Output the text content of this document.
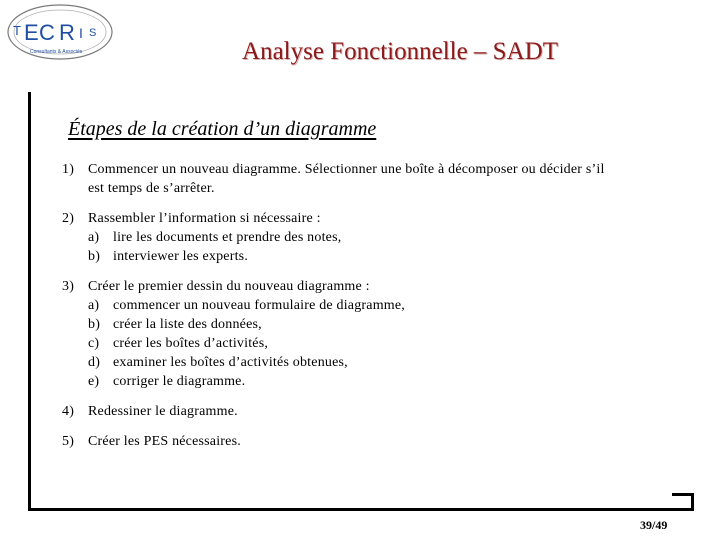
T E C R I S
Consultants & Associés	Analyse Fonctionnelle – SADT
Étapes de la création d’un diagramme
1) Commencer un nouveau diagramme. Sélectionner une boîte à décomposer ou décider s’il
est temps de s’arrêter.
2) Rassembler l’information si nécessaire :
a) lire les documents et prendre des notes,
b) interviewer les experts.
3) Créer le premier dessin du nouveau diagramme :
a) commencer un nouveau formulaire de diagramme,
b) créer la liste des données,
c) créer les boîtes d’activités,
d) examiner les boîtes d’activités obtenues,
e) corriger le diagramme.
4) Redessiner le diagramme.
5) Créer les PES nécessaires.
39/49
